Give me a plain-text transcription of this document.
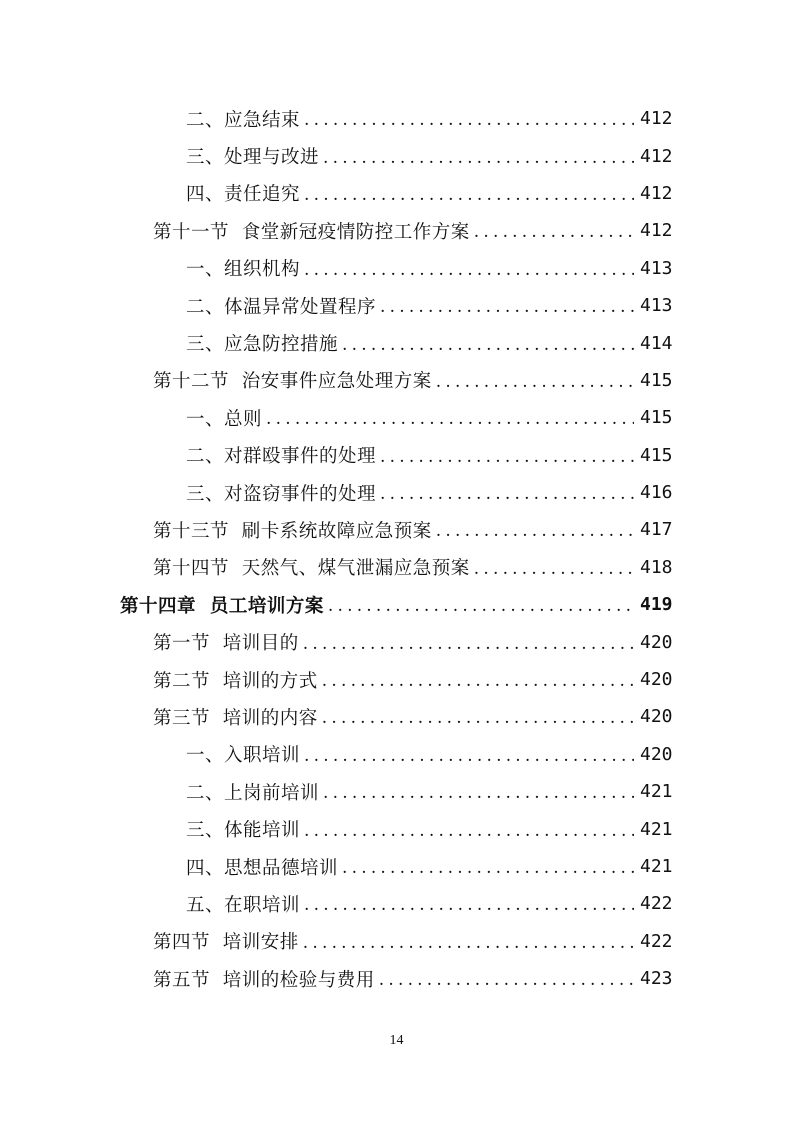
二、应急结束 .....	412
三、处理与改进 .....	412
四、责任追究 .....	412
第十一节  食堂新冠疫情防控工作方案 .....	412
一、组织机构 .....	413
二、体温异常处置程序 .....	413
三、应急防控措施 .....	414
第十二节  治安事件应急处理方案 .....	415
一、总则 .....	415
二、对群殴事件的处理 .....	415
三、对盗窃事件的处理 .....	416
第十三节  刷卡系统故障应急预案 .....	417
第十四节  天然气、煤气泄漏应急预案 .....	418
第十四章  员工培训方案 .....	419
第一节  培训目的 .....	420
第二节  培训的方式 .....	420
第三节  培训的内容 .....	420
一、入职培训 .....	420
二、上岗前培训 .....	421
三、体能培训 .....	421
四、思想品德培训 .....	421
五、在职培训 .....	422
第四节  培训安排 .....	422
第五节  培训的检验与费用 .....	423
14
